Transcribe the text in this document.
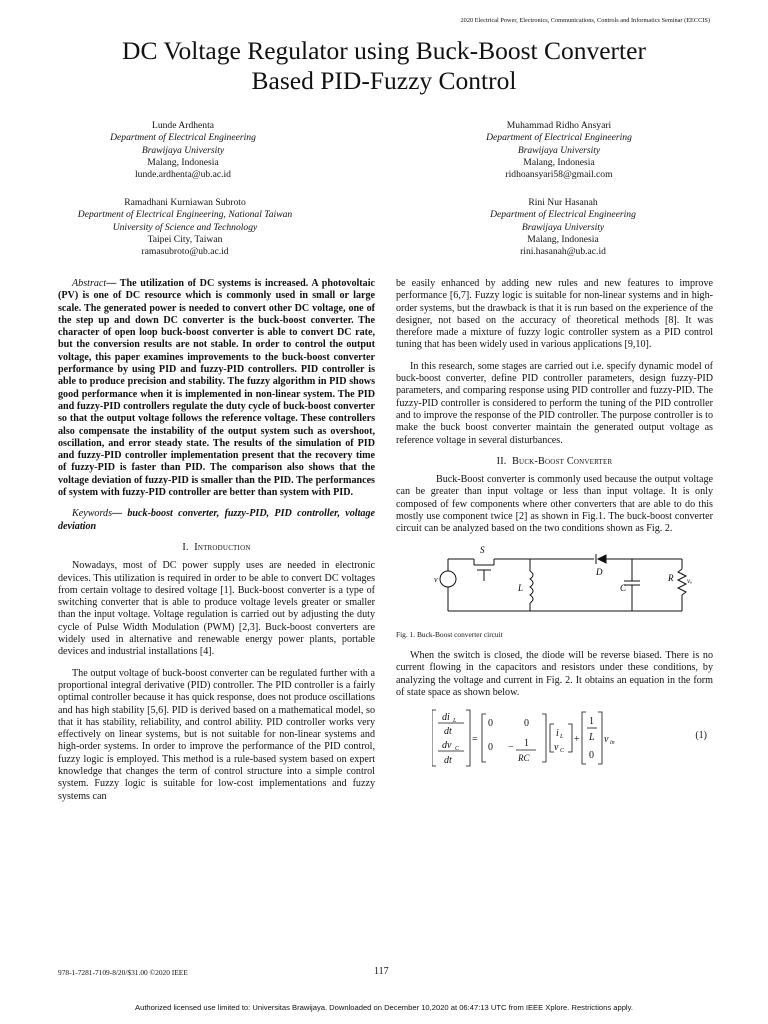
2020 Electrical Power, Electronics, Communications, Controls and Informatics Seminar (EECCIS)
DC Voltage Regulator using Buck-Boost Converter
Based PID-Fuzzy Control
Lunde Ardhenta
Department of Electrical Engineering
Brawijaya University
Malang, Indonesia
lunde.ardhenta@ub.ac.id
Muhammad Ridho Ansyari
Department of Electrical Engineering
Brawijaya University
Malang, Indonesia
ridhoansyari58@gmail.com
Ramadhani Kurniawan Subroto
Department of Electrical Engineering, National Taiwan
University of Science and Technology
Taipei City, Taiwan
ramasubroto@ub.ac.id
Rini Nur Hasanah
Department of Electrical Engineering
Brawijaya University
Malang, Indonesia
rini.hasanah@ub.ac.id

Abstract— The utilization of DC systems is increased. A photovoltaic (PV) is one of DC resource which is commonly used in small or large scale. The generated power is needed to convert other DC voltage, one of the step up and down DC converter is the buck-boost converter. The character of open loop buck-boost converter is able to convert DC rate, but the conversion results are not stable. In order to control the output voltage, this paper examines improvements to the buck-boost converter performance by using PID and fuzzy-PID controllers. PID controller is able to produce precision and stability. The fuzzy algorithm in PID shows good performance when it is implemented in non-linear system. The PID and fuzzy-PID controllers regulate the duty cycle of buck-boost converter so that the output voltage follows the reference voltage. These controllers also compensate the instability of the output system such as overshoot, oscillation, and error steady state. The results of the simulation of PID and fuzzy-PID controller implementation present that the recovery time of fuzzy-PID is faster than PID. The comparison also shows that the voltage deviation of fuzzy-PID is smaller than the PID. The performances of system with fuzzy-PID controller are better than system with PID.

Keywords— buck-boost converter, fuzzy-PID, PID controller, voltage deviation

I. Introduction

Nowadays, most of DC power supply uses are needed in electronic devices. This utilization is required in order to be able to convert DC voltages from certain voltage to desired voltage [1]. Buck-boost converter is a type of switching converter that is able to produce voltage levels greater or smaller than the input voltage. Voltage regulation is carried out by adjusting the duty cycle of Pulse Width Modulation (PWM) [2,3]. Buck-boost converters are widely used in alternative and renewable energy power plants, portable devices and industrial installations [4].

The output voltage of buck-boost converter can be regulated further with a proportional integral derivative (PID) controller. The PID controller is a fairly optimal controller because it has quick response, does not produce oscillations and has high stability [5,6]. PID is derived based on a mathematical model, so that it has stability, reliability, and control ability. PID controller works very effectively on linear systems, but is not suitable for non-linear systems and high-order systems. In order to improve the performance of the PID control, fuzzy logic is employed. This method is a rule-based system based on expert knowledge that changes the term of control structure into a simple control system. Fuzzy logic is suitable for low-cost implementations and fuzzy systems can

be easily enhanced by adding new rules and new features to improve performance [6,7]. Fuzzy logic is suitable for non-linear systems and in high-order systems, but the drawback is that it is run based on the experience of the designer, not based on the accuracy of theoretical methods [8]. It was therefore made a mixture of fuzzy logic controller system as a PID control tuning that has been widely used in various applications [9,10].

In this research, some stages are carried out i.e. specify dynamic model of buck-boost converter, define PID controller parameters, design fuzzy-PID parameters, and comparing response using PID controller and fuzzy-PID. The fuzzy-PID controller is considered to perform the tuning of the PID controller and to improve the response of the PID controller. The purpose controller is to make the buck boost converter maintain the generated output voltage as reference voltage in several disturbances.

II. Buck-Boost Converter

Buck-Boost converter is commonly used because the output voltage can be greater than input voltage or less than input voltage. It is only composed of few components where other converters that are able to do this mostly use component twice [2] as shown in Fig.1. The buck-boost converter circuit can be analyzed based on the two conditions shown as Fig. 2.

S
D
L	C
R
v	vₒ

Fig. 1. Buck-Boost converter circuit

When the switch is closed, the diode will be reverse biased. There is no current flowing in the capacitors and resistors under these conditions, by analyzing the voltage and current in Fig. 2. It obtains an equation in the form of state space as shown below.

di L
dt
dv C
dt
=
0	0
0 − 1
RC
i L
v C
+
1
L
0
v in
(1)
978-1-7281-7109-8/20/$31.00 ©2020 IEEE	117
Authorized licensed use limited to: Universitas Brawijaya. Downloaded on December 10,2020 at 06:47:13 UTC from IEEE Xplore. Restrictions apply.
